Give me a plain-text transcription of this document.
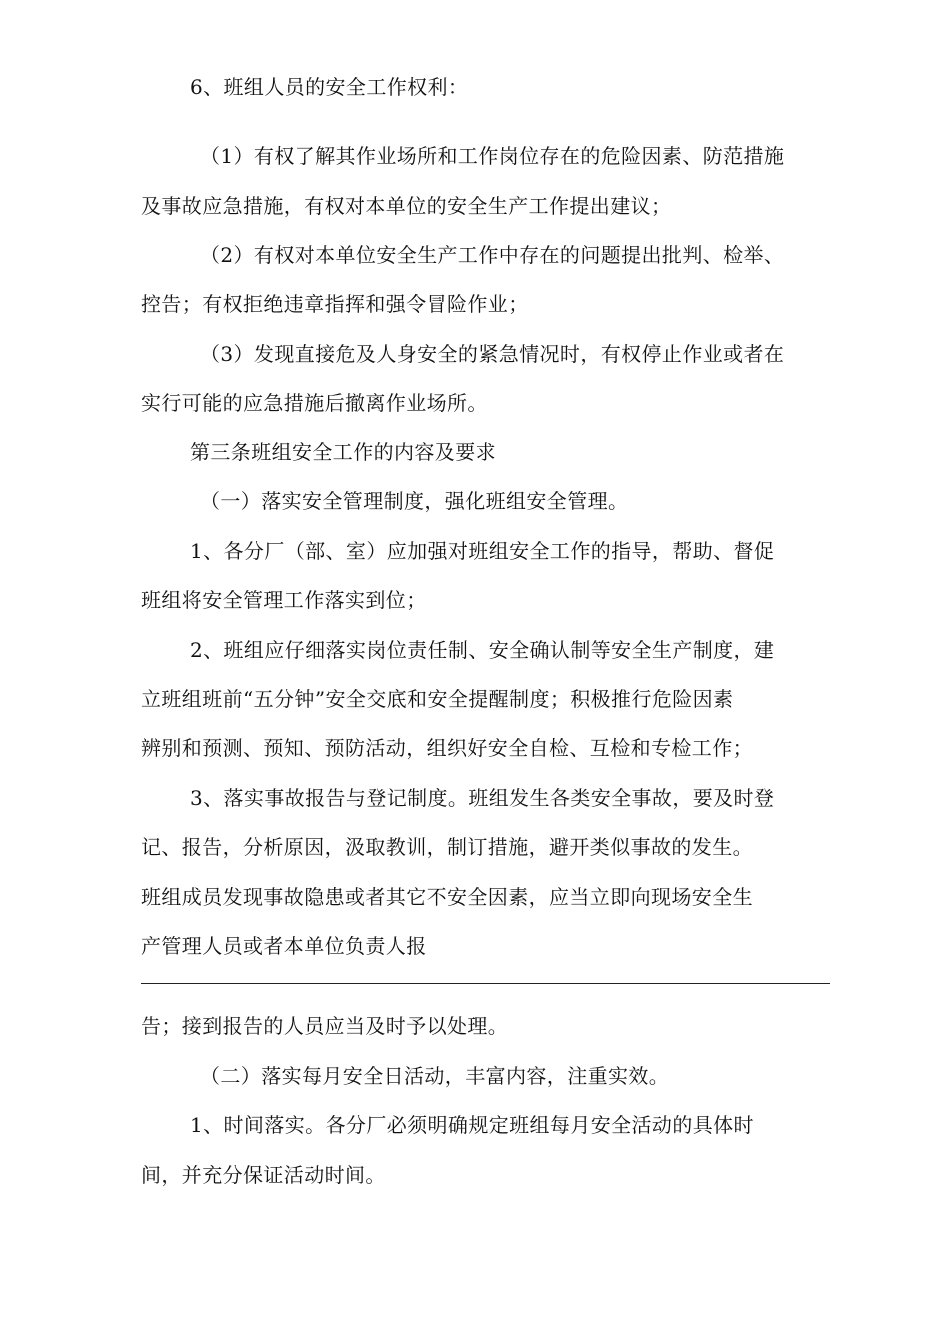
6、班组人员的安全工作权利：
（1）有权了解其作业场所和工作岗位存在的危险因素、防范措施
及事故应急措施，有权对本单位的安全生产工作提出建议；
（2）有权对本单位安全生产工作中存在的问题提出批判、检举、
控告；有权拒绝违章指挥和强令冒险作业；
（3）发现直接危及人身安全的紧急情况时，有权停止作业或者在
实行可能的应急措施后撤离作业场所。
第三条班组安全工作的内容及要求
（一）落实安全管理制度，强化班组安全管理。
1、各分厂（部、室）应加强对班组安全工作的指导，帮助、督促
班组将安全管理工作落实到位；
2、班组应仔细落实岗位责任制、安全确认制等安全生产制度，建
立班组班前“五分钟”安全交底和安全提醒制度；积极推行危险因素
辨别和预测、预知、预防活动，组织好安全自检、互检和专检工作；
3、落实事故报告与登记制度。班组发生各类安全事故，要及时登
记、报告，分析原因，汲取教训，制订措施，避开类似事故的发生。
班组成员发现事故隐患或者其它不安全因素，应当立即向现场安全生
产管理人员或者本单位负责人报
告；接到报告的人员应当及时予以处理。
（二）落实每月安全日活动，丰富内容，注重实效。
1、时间落实。各分厂必须明确规定班组每月安全活动的具体时
间，并充分保证活动时间。
